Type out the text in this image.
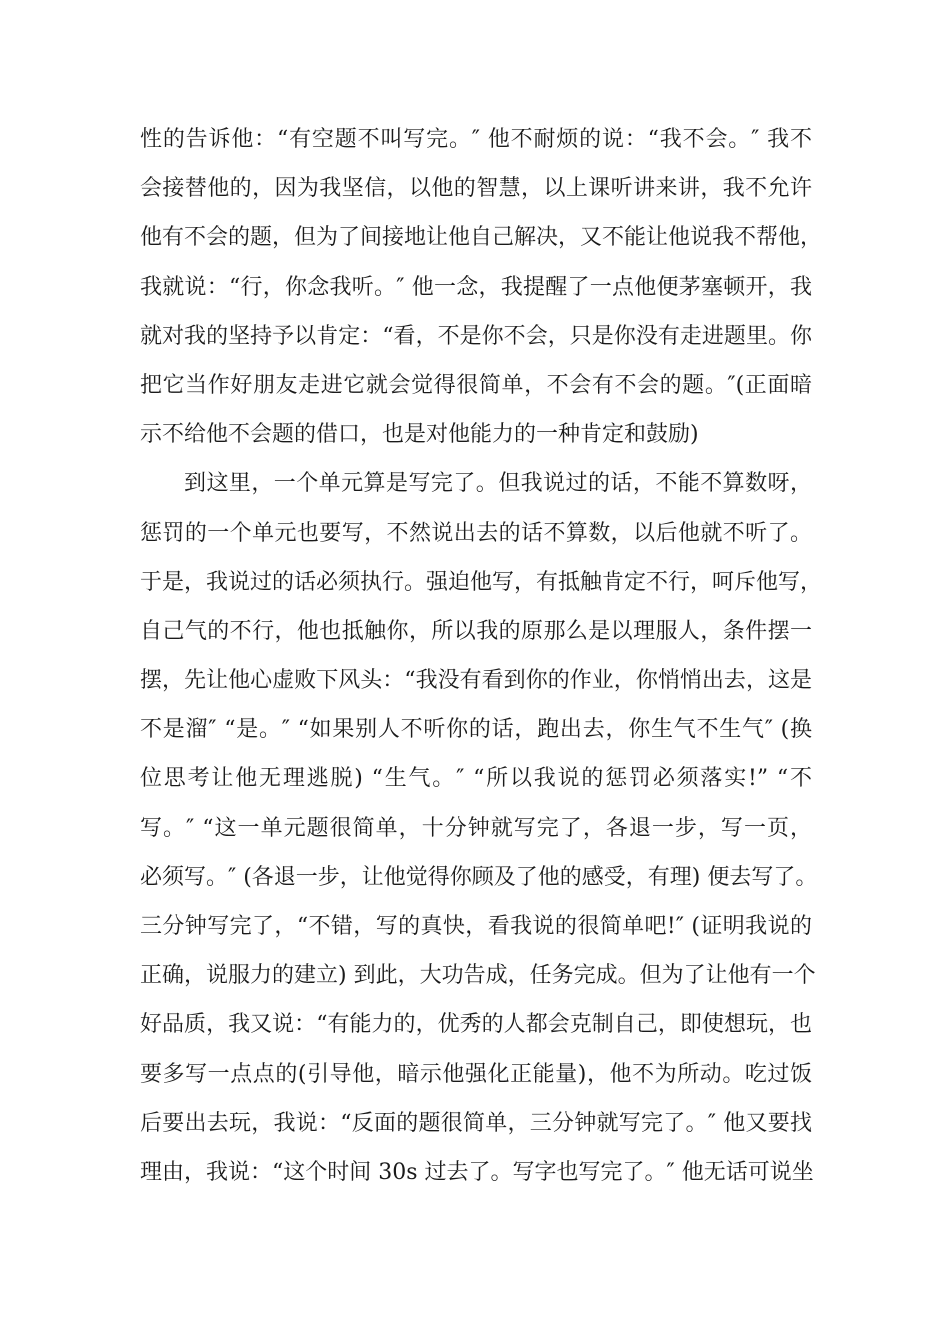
性的告诉他：“有空题不叫写完。″ 他不耐烦的说：“我不会。″ 我不
会接替他的，因为我坚信，以他的智慧，以上课听讲来讲，我不允许
他有不会的题，但为了间接地让他自己解决，又不能让他说我不帮他，
我就说：“行，你念我听。″ 他一念，我提醒了一点他便茅塞顿开，我
就对我的坚持予以肯定：“看，不是你不会，只是你没有走进题里。你
把它当作好朋友走进它就会觉得很简单，不会有不会的题。″(正面暗
示不给他不会题的借口，也是对他能力的一种肯定和鼓励)
到这里，一个单元算是写完了。但我说过的话，不能不算数呀，
惩罚的一个单元也要写，不然说出去的话不算数，以后他就不听了。
于是，我说过的话必须执行。强迫他写，有抵触肯定不行，呵斥他写，
自己气的不行，他也抵触你，所以我的原那么是以理服人，条件摆一
摆，先让他心虚败下风头：“我没有看到你的作业，你悄悄出去，这是
不是溜″ “是。″ “如果别人不听你的话，跑出去，你生气不生气″ (换
位思考让他无理逃脱) “生气。″ “所以我说的惩罚必须落实!” “不
写。″ “这一单元题很简单，十分钟就写完了，各退一步，写一页，
必须写。″ (各退一步，让他觉得你顾及了他的感受，有理) 便去写了。
三分钟写完了，“不错，写的真快，看我说的很简单吧!″ (证明我说的
正确，说服力的建立) 到此，大功告成，任务完成。但为了让他有一个
好品质，我又说：“有能力的，优秀的人都会克制自己，即使想玩，也
要多写一点点的(引导他，暗示他强化正能量)，他不为所动。吃过饭
后要出去玩，我说：“反面的题很简单，三分钟就写完了。″ 他又要找
理由，我说：“这个时间 30s 过去了。写字也写完了。″ 他无话可说坐
